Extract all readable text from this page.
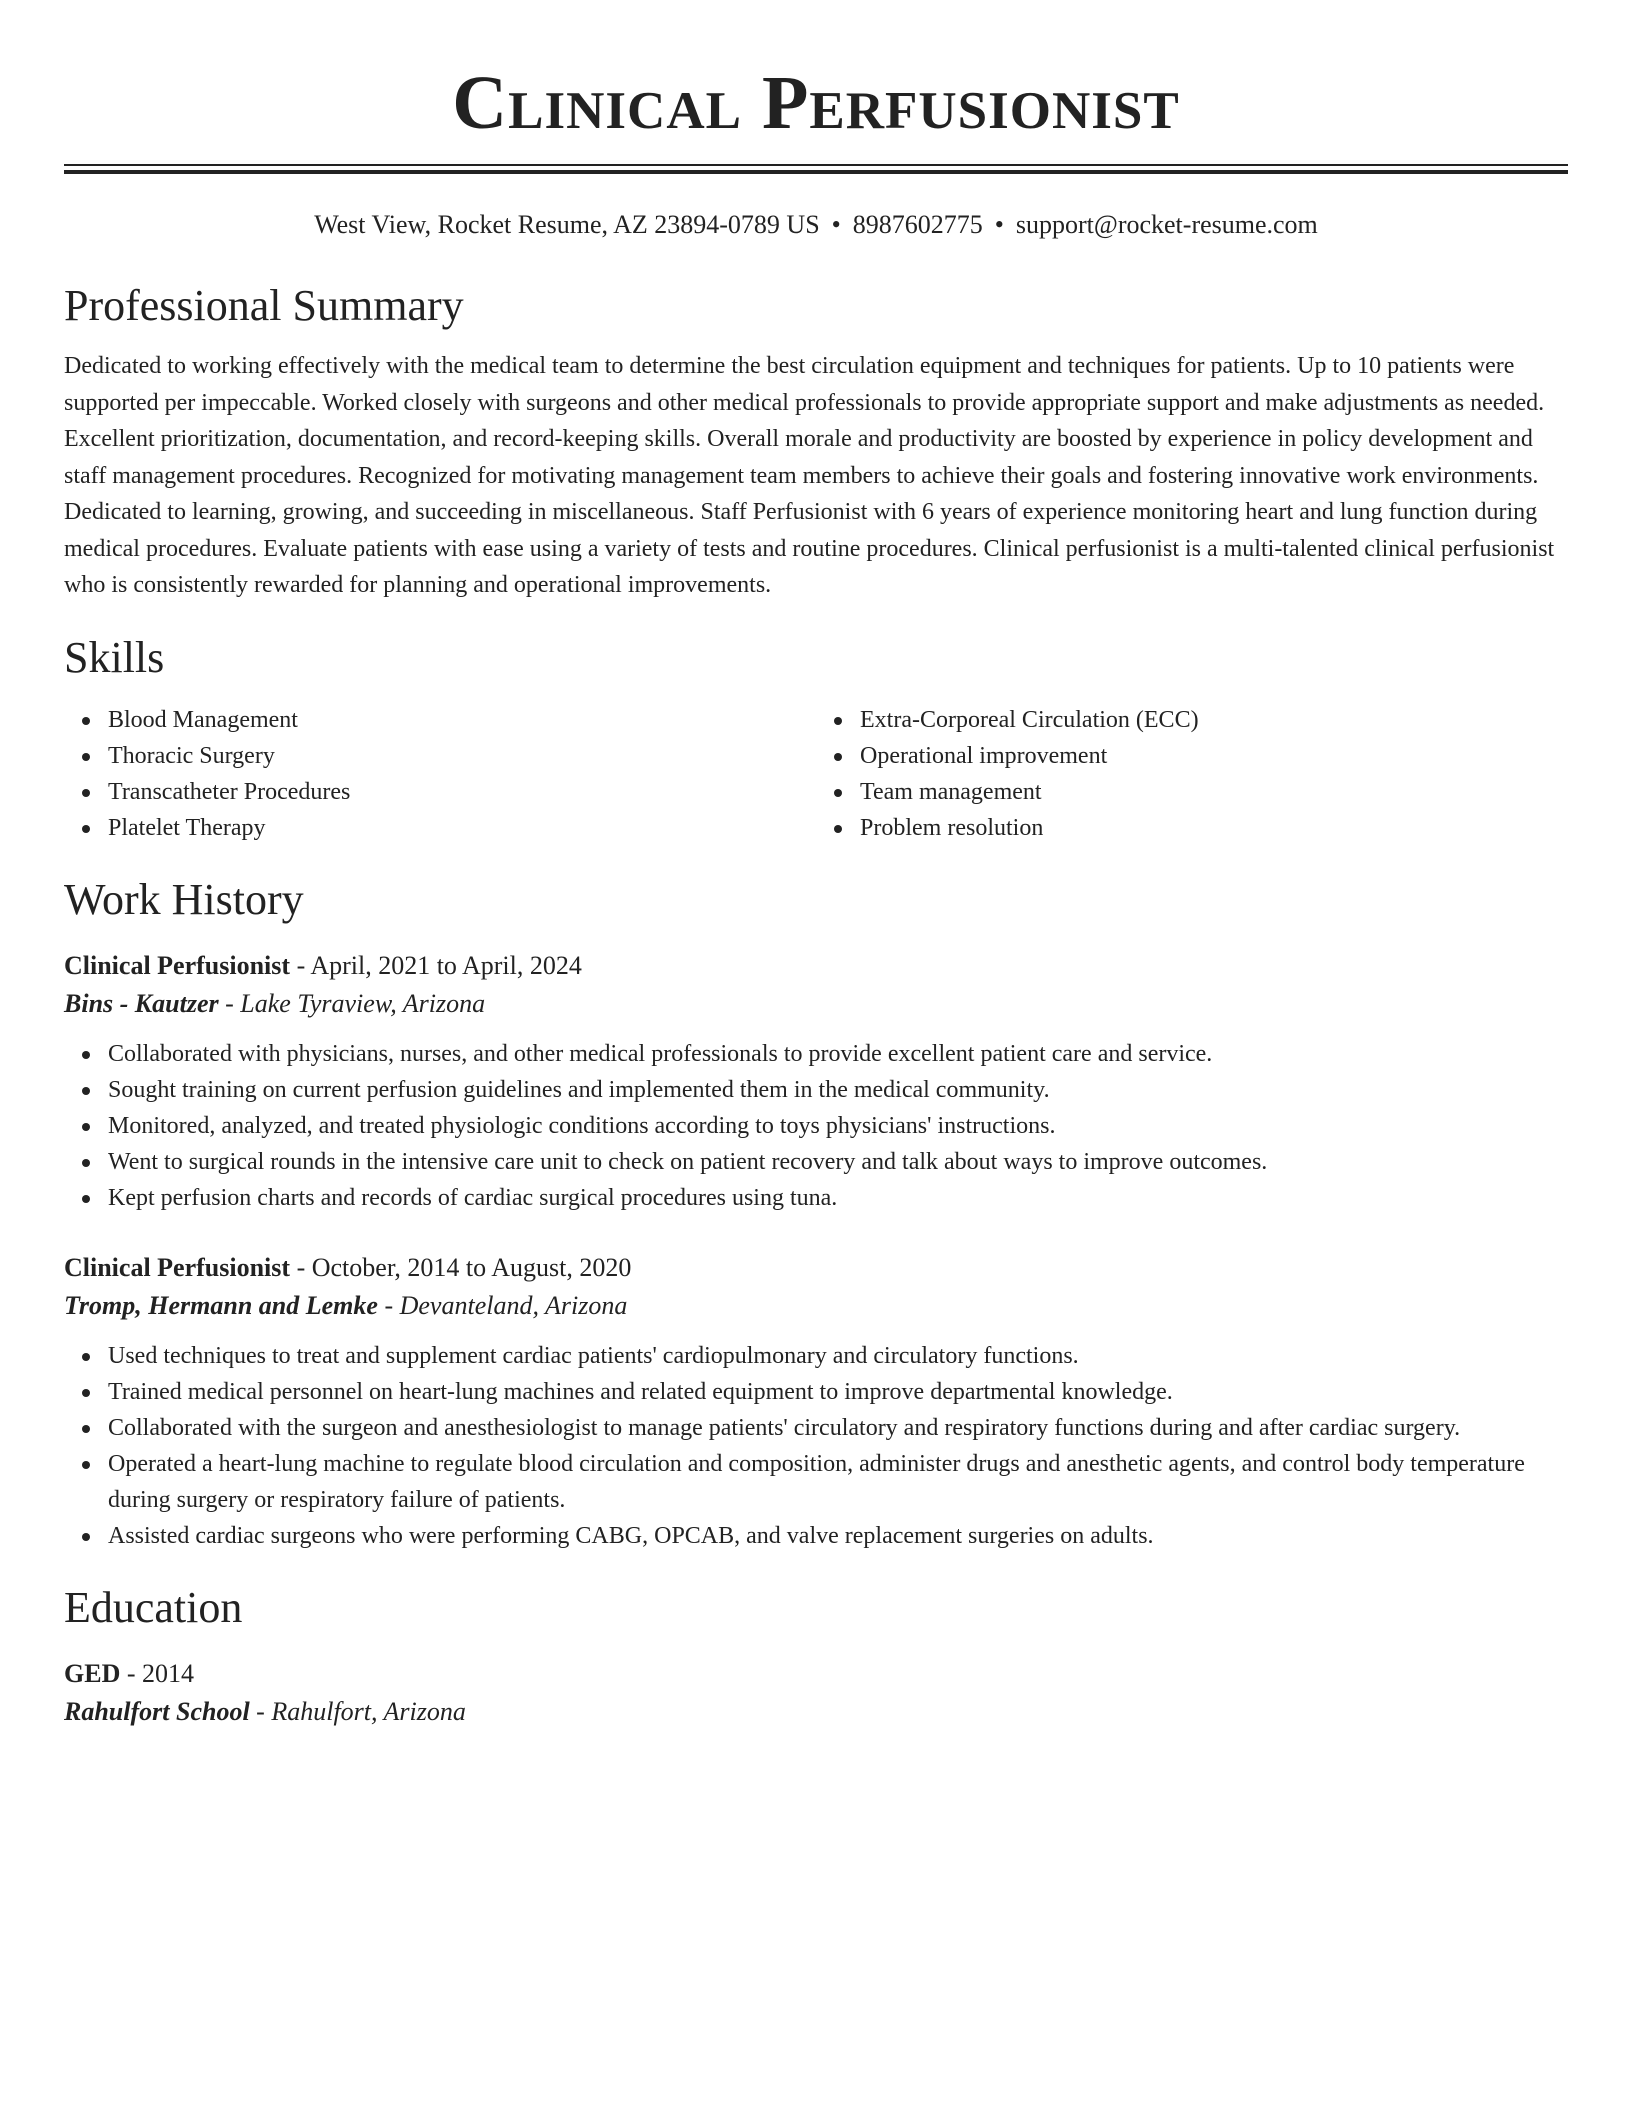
Clinical Perfusionist
West View, Rocket Resume, AZ 23894-0789 US • 8987602775 • support@rocket-resume.com
Professional Summary

Dedicated to working effectively with the medical team to determine the best circulation equipment and techniques for patients. Up to 10 patients were supported per impeccable. Worked closely with surgeons and other medical professionals to provide appropriate support and make adjustments as needed. Excellent prioritization, documentation, and record-keeping skills. Overall morale and productivity are boosted by experience in policy development and staff management procedures. Recognized for motivating management team members to achieve their goals and fostering innovative work environments. Dedicated to learning, growing, and succeeding in miscellaneous. Staff Perfusionist with 6 years of experience monitoring heart and lung function during medical procedures. Evaluate patients with ease using a variety of tests and routine procedures. Clinical perfusionist is a multi-talented clinical perfusionist who is consistently rewarded for planning and operational improvements.

Skills
Blood Management
Thoracic Surgery
Transcatheter Procedures
Platelet Therapy
Extra-Corporeal Circulation (ECC)
Operational improvement
Team management
Problem resolution
Work History
Clinical Perfusionist - April, 2021 to April, 2024
Bins - Kautzer - Lake Tyraview, Arizona
Collaborated with physicians, nurses, and other medical professionals to provide excellent patient care and service.
Sought training on current perfusion guidelines and implemented them in the medical community.
Monitored, analyzed, and treated physiologic conditions according to toys physicians' instructions.
Went to surgical rounds in the intensive care unit to check on patient recovery and talk about ways to improve outcomes.
Kept perfusion charts and records of cardiac surgical procedures using tuna.
Clinical Perfusionist - October, 2014 to August, 2020
Tromp, Hermann and Lemke - Devanteland, Arizona
Used techniques to treat and supplement cardiac patients' cardiopulmonary and circulatory functions.
Trained medical personnel on heart-lung machines and related equipment to improve departmental knowledge.
Collaborated with the surgeon and anesthesiologist to manage patients' circulatory and respiratory functions during and after cardiac surgery.
Operated a heart-lung machine to regulate blood circulation and composition, administer drugs and anesthetic agents, and control body temperature during surgery or respiratory failure of patients.
Assisted cardiac surgeons who were performing CABG, OPCAB, and valve replacement surgeries on adults.
Education
GED - 2014
Rahulfort School - Rahulfort, Arizona
